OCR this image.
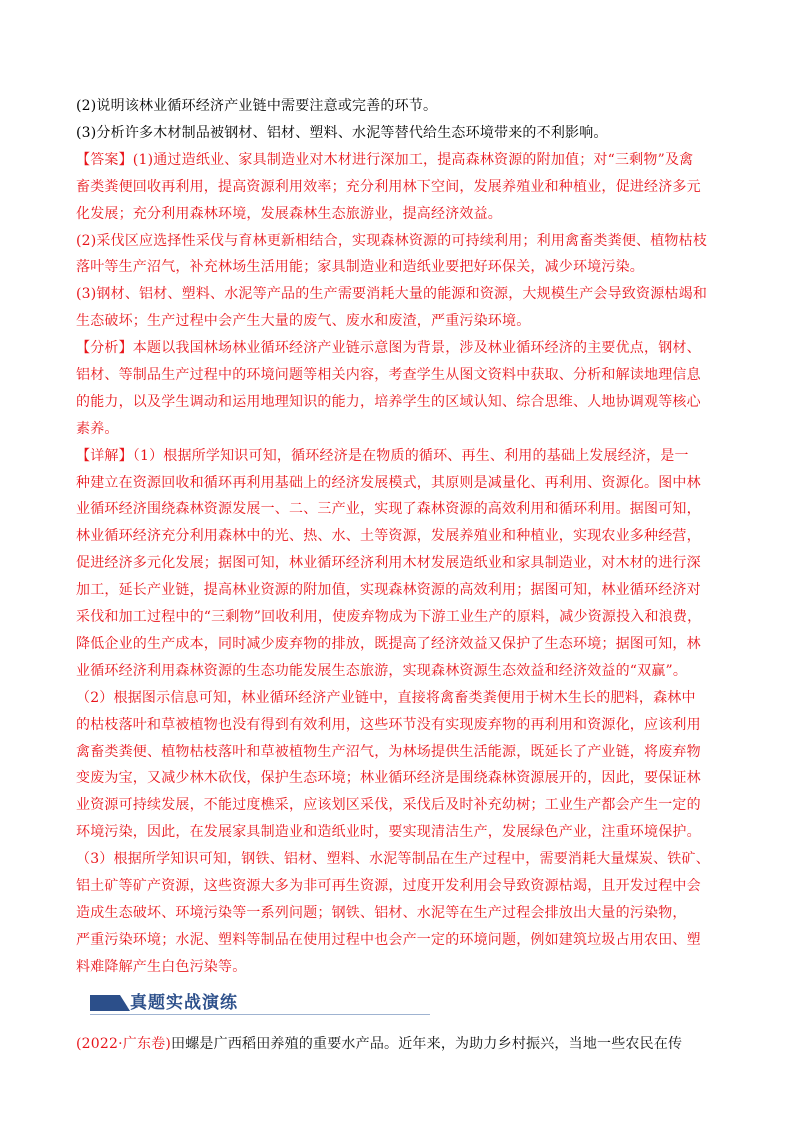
(2)说明该林业循环经济产业链中需要注意或完善的环节。
(3)分析许多木材制品被钢材、铝材、塑料、水泥等替代给生态环境带来的不利影响。
【答案】(1)通过造纸业、家具制造业对木材进行深加工，提高森林资源的附加值；对“三剩物”及禽
畜类粪便回收再利用，提高资源利用效率；充分利用林下空间，发展养殖业和种植业，促进经济多元
化发展；充分利用森林环境，发展森林生态旅游业，提高经济效益。
(2)采伐区应选择性采伐与育林更新相结合，实现森林资源的可持续利用；利用禽畜类粪便、植物枯枝
落叶等生产沼气，补充林场生活用能；家具制造业和造纸业要把好环保关，减少环境污染。
(3)钢材、铝材、塑料、水泥等产品的生产需要消耗大量的能源和资源，大规模生产会导致资源枯竭和
生态破坏；生产过程中会产生大量的废气、废水和废渣，严重污染环境。
【分析】本题以我国林场林业循环经济产业链示意图为背景，涉及林业循环经济的主要优点，钢材、
铝材、等制品生产过程中的环境问题等相关内容，考查学生从图文资料中获取、分析和解读地理信息
的能力，以及学生调动和运用地理知识的能力，培养学生的区域认知、综合思维、人地协调观等核心
素养。
【详解】（1）根据所学知识可知，循环经济是在物质的循环、再生、利用的基础上发展经济，是一
种建立在资源回收和循环再利用基础上的经济发展模式，其原则是减量化、再利用、资源化。图中林
业循环经济围绕森林资源发展一、二、三产业，实现了森林资源的高效利用和循环利用。据图可知，
林业循环经济充分利用森林中的光、热、水、土等资源，发展养殖业和种植业，实现农业多种经营，
促进经济多元化发展；据图可知，林业循环经济利用木材发展造纸业和家具制造业，对木材的进行深
加工，延长产业链，提高林业资源的附加值，实现森林资源的高效利用；据图可知，林业循环经济对
采伐和加工过程中的“三剩物”回收利用，使废弃物成为下游工业生产的原料，减少资源投入和浪费，
降低企业的生产成本，同时减少废弃物的排放，既提高了经济效益又保护了生态环境；据图可知，林
业循环经济利用森林资源的生态功能发展生态旅游，实现森林资源生态效益和经济效益的“双赢”。
（2）根据图示信息可知，林业循环经济产业链中，直接将禽畜类粪便用于树木生长的肥料，森林中
的枯枝落叶和草被植物也没有得到有效利用，这些环节没有实现废弃物的再利用和资源化，应该利用
禽畜类粪便、植物枯枝落叶和草被植物生产沼气，为林场提供生活能源，既延长了产业链，将废弃物
变废为宝，又减少林木砍伐，保护生态环境；林业循环经济是围绕森林资源展开的，因此，要保证林
业资源可持续发展，不能过度樵采，应该划区采伐，采伐后及时补充幼树；工业生产都会产生一定的
环境污染，因此，在发展家具制造业和造纸业时，要实现清洁生产，发展绿色产业，注重环境保护。
（3）根据所学知识可知，钢铁、铝材、塑料、水泥等制品在生产过程中，需要消耗大量煤炭、铁矿、
铝土矿等矿产资源，这些资源大多为非可再生资源，过度开发利用会导致资源枯竭，且开发过程中会
造成生态破坏、环境污染等一系列问题；钢铁、铝材、水泥等在生产过程会排放出大量的污染物，
严重污染环境；水泥、塑料等制品在使用过程中也会产一定的环境问题，例如建筑垃圾占用农田、塑
料难降解产生白色污染等。
真题实战演练
(2022·广东卷)田螺是广西稻田养殖的重要水产品。近年来，为助力乡村振兴，当地一些农民在传
